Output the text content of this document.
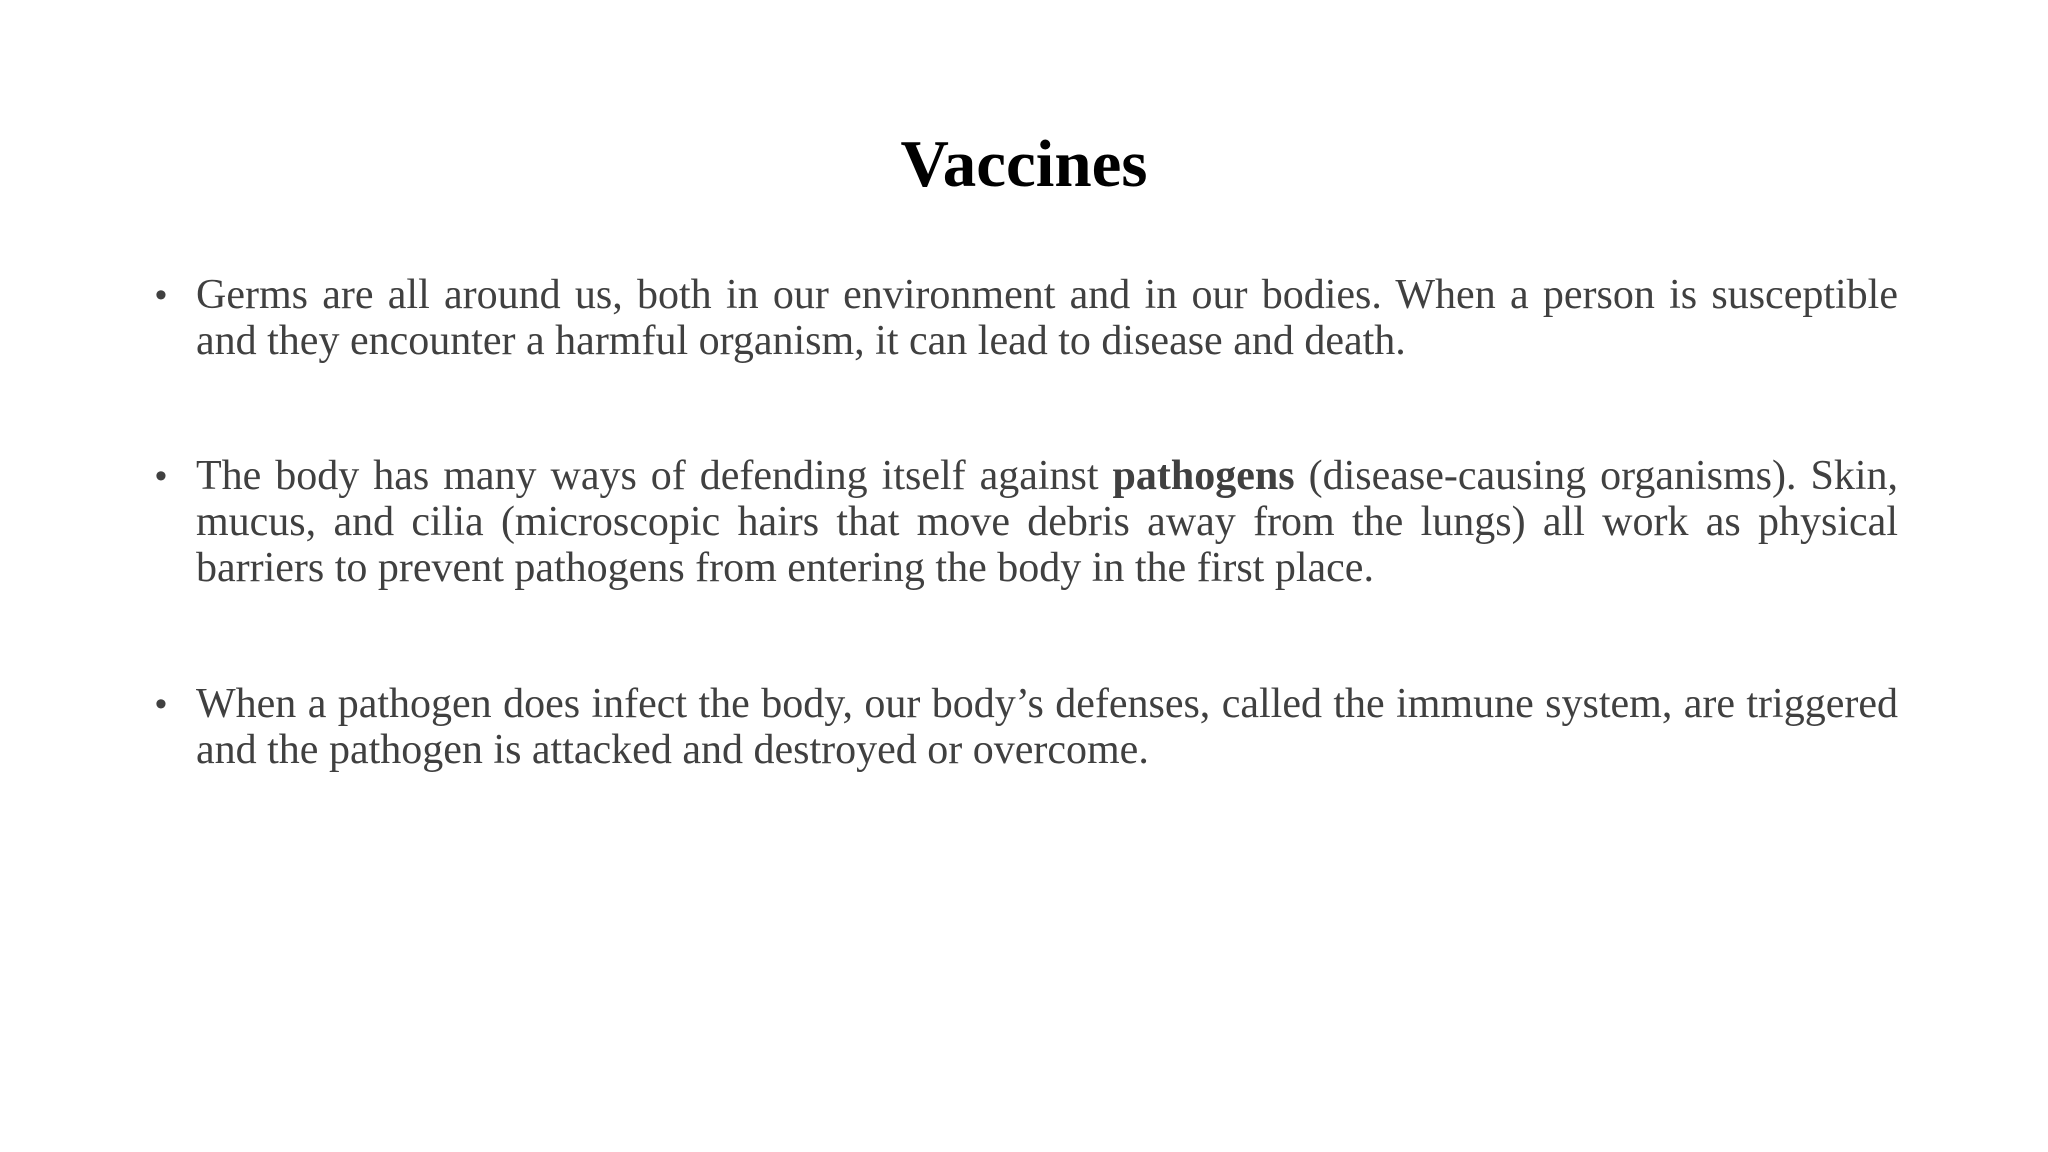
Vaccines
• Germs are all around us, both in our environment and in our bodies. When a person is susceptible and they encounter a harmful organism, it can lead to disease and death.
• The body has many ways of defending itself against pathogens (disease-causing organisms). Skin, mucus, and cilia (microscopic hairs that move debris away from the lungs) all work as physical barriers to prevent pathogens from entering the body in the first place.
• When a pathogen does infect the body, our body’s defenses, called the immune system, are triggered and the pathogen is attacked and destroyed or overcome.
